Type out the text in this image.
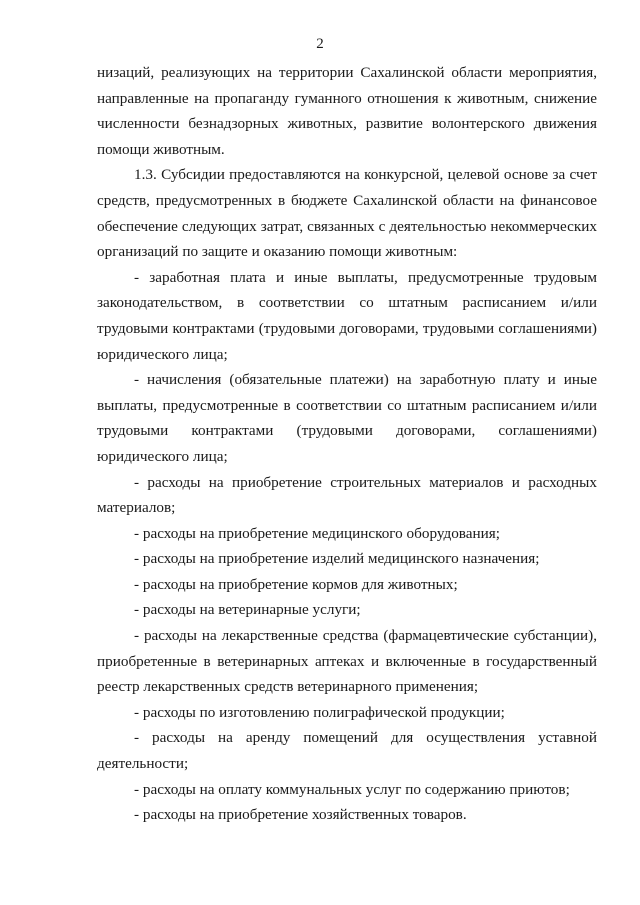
2

низаций, реализующих на территории Сахалинской области мероприятия, направленные на пропаганду гуманного отношения к животным, снижение численности безнадзорных животных, развитие волонтерского движения помощи животным.

1.3. Субсидии предоставляются на конкурсной, целевой основе за счет средств, предусмотренных в бюджете Сахалинской области на финансовое обеспечение следующих затрат, связанных с деятельностью некоммерческих организаций по защите и оказанию помощи животным:

- заработная плата и иные выплаты, предусмотренные трудовым законодательством, в соответствии со штатным расписанием и/или трудовыми контрактами (трудовыми договорами, трудовыми соглашениями) юридического лица;

- начисления (обязательные платежи) на заработную плату и иные выплаты, предусмотренные в соответствии со штатным расписанием и/или трудовыми контрактами (трудовыми договорами, соглашениями) юридического лица;

- расходы на приобретение строительных материалов и расходных материалов;

- расходы на приобретение медицинского оборудования;

- расходы на приобретение изделий медицинского назначения;

- расходы на приобретение кормов для животных;

- расходы на ветеринарные услуги;

- расходы на лекарственные средства (фармацевтические субстанции), приобретенные в ветеринарных аптеках и включенные в государственный реестр лекарственных средств ветеринарного применения;

- расходы по изготовлению полиграфической продукции;

- расходы на аренду помещений для осуществления уставной деятельности;

- расходы на оплату коммунальных услуг по содержанию приютов;

- расходы на приобретение хозяйственных товаров.
